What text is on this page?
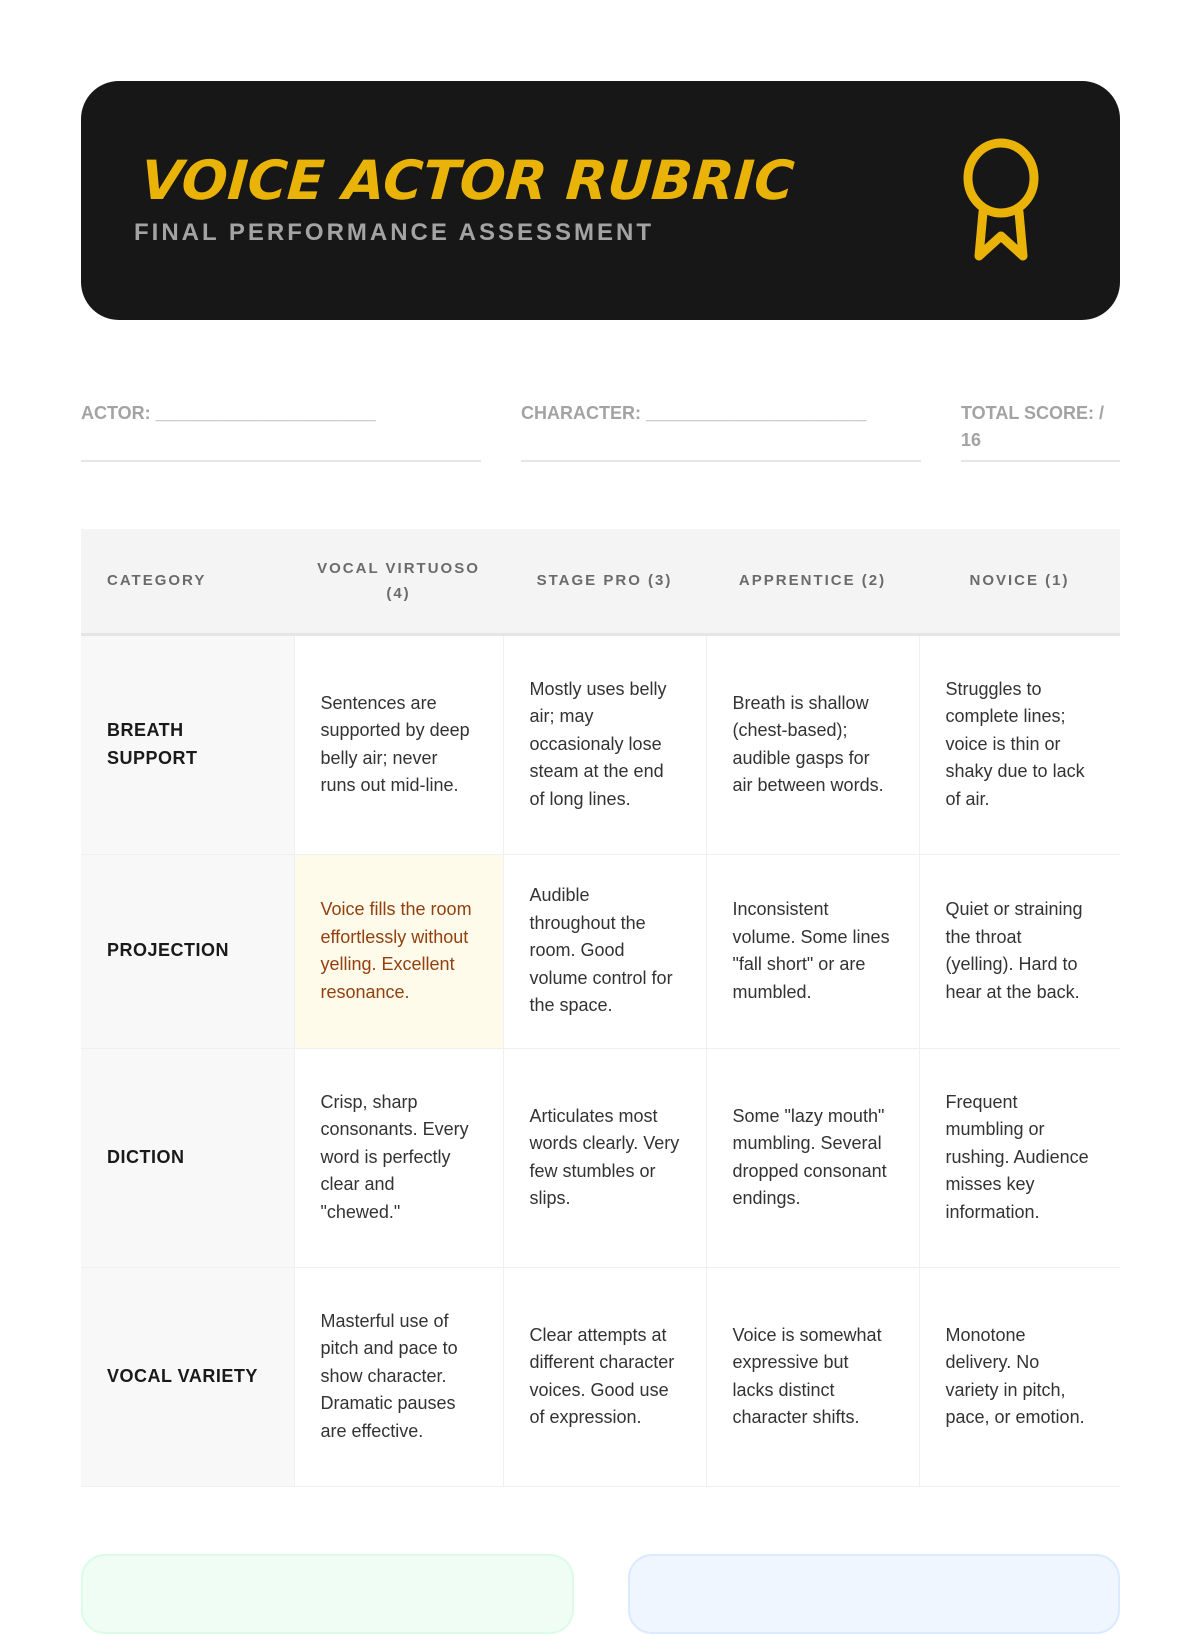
VOICE ACTOR RUBRIC
FINAL PERFORMANCE ASSESSMENT
ACTOR: ______________________	CHARACTER: ______________________	TOTAL SCORE: / 16
CATEGORY	VOCAL VIRTUOSO (4)	STAGE PRO (3)	APPRENTICE (2)	NOVICE (1)
BREATH SUPPORT	Sentences are supported by deep belly air; never runs out mid-line.	Mostly uses belly air; may occasionaly lose steam at the end of long lines.	Breath is shallow (chest-based); audible gasps for air between words.	Struggles to complete lines; voice is thin or shaky due to lack of air.
PROJECTION	Voice fills the room effortlessly without yelling. Excellent resonance.	Audible throughout the room. Good volume control for the space.	Inconsistent volume. Some lines "fall short" or are mumbled.	Quiet or straining the throat (yelling). Hard to hear at the back.
DICTION	Crisp, sharp consonants. Every word is perfectly clear and "chewed."	Articulates most words clearly. Very few stumbles or slips.	Some "lazy mouth" mumbling. Several dropped consonant endings.	Frequent mumbling or rushing. Audience misses key information.
VOCAL VARIETY	Masterful use of pitch and pace to show character. Dramatic pauses are effective.	Clear attempts at different character voices. Good use of expression.	Voice is somewhat expressive but lacks distinct character shifts.	Monotone delivery. No variety in pitch, pace, or emotion.
